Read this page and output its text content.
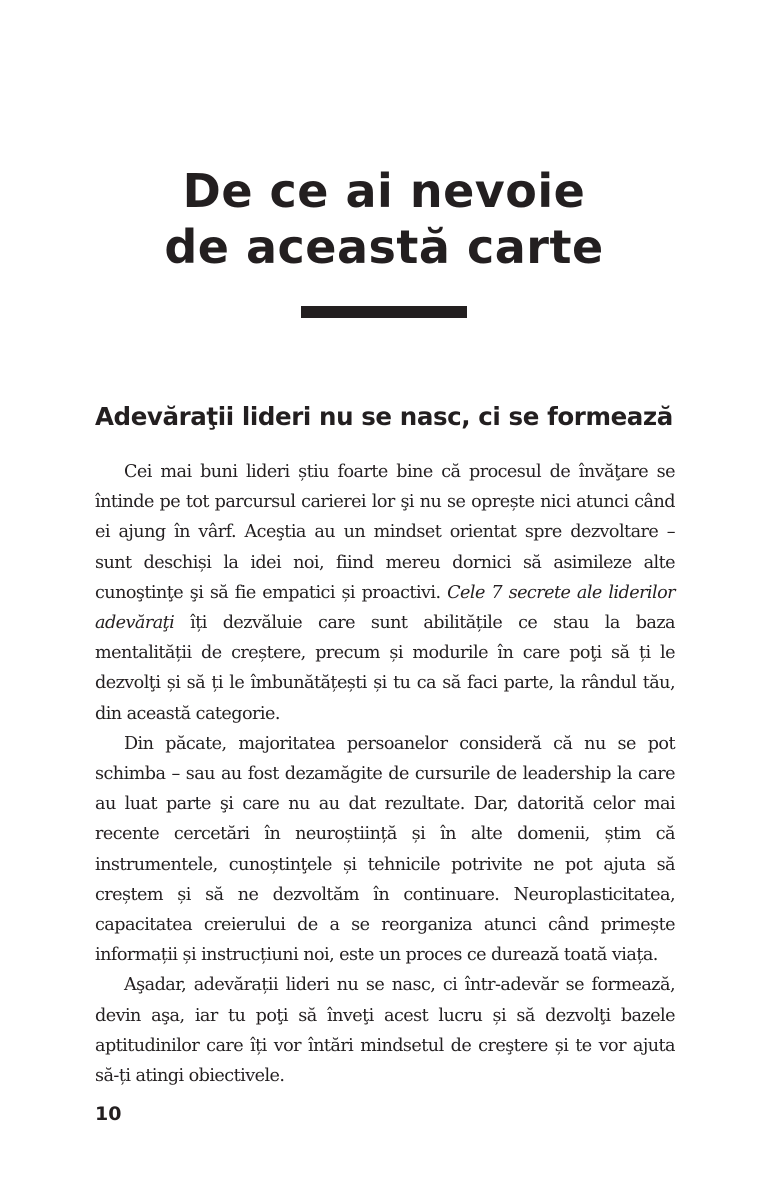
De ce ai nevoie
de această carte
Adevăraţii lideri nu se nasc, ci se formează

Cei mai buni lideri știu foarte bine că procesul de învăţare se întinde pe tot parcursul carierei lor şi nu se oprește nici atunci când ei ajung în vârf. Aceştia au un mindset orientat spre dezvoltare – sunt deschiși la idei noi, fiind mereu dornici să asimileze alte cunoştinţe şi să fie empatici și proactivi. Cele 7 secrete ale liderilor adevăraţi îți dezvăluie care sunt abilitățile ce stau la baza mentalității de creștere, precum și modurile în care poţi să ți le dezvolţi și să ți le îmbunătățești și tu ca să faci parte, la rândul tău, din această categorie.

Din păcate, majoritatea persoanelor consideră că nu se pot schimba – sau au fost dezamăgite de cursurile de leadership la care au luat parte şi care nu au dat rezultate. Dar, datorită celor mai recente cercetări în neuroștiință și în alte domenii, știm că instrumentele, cunoștinţele și tehnicile potrivite ne pot ajuta să creștem și să ne dezvoltăm în continuare. Neuroplasticitatea, capacitatea creierului de a se reorganiza atunci când primește informații și instrucțiuni noi, este un proces ce durează toată viața.

Aşadar, adevărații lideri nu se nasc, ci într-adevăr se formează, devin aşa, iar tu poţi să înveţi acest lucru și să dezvolţi bazele aptitudinilor care îți vor întări mindsetul de creştere și te vor ajuta să-ți atingi obiectivele.

10
